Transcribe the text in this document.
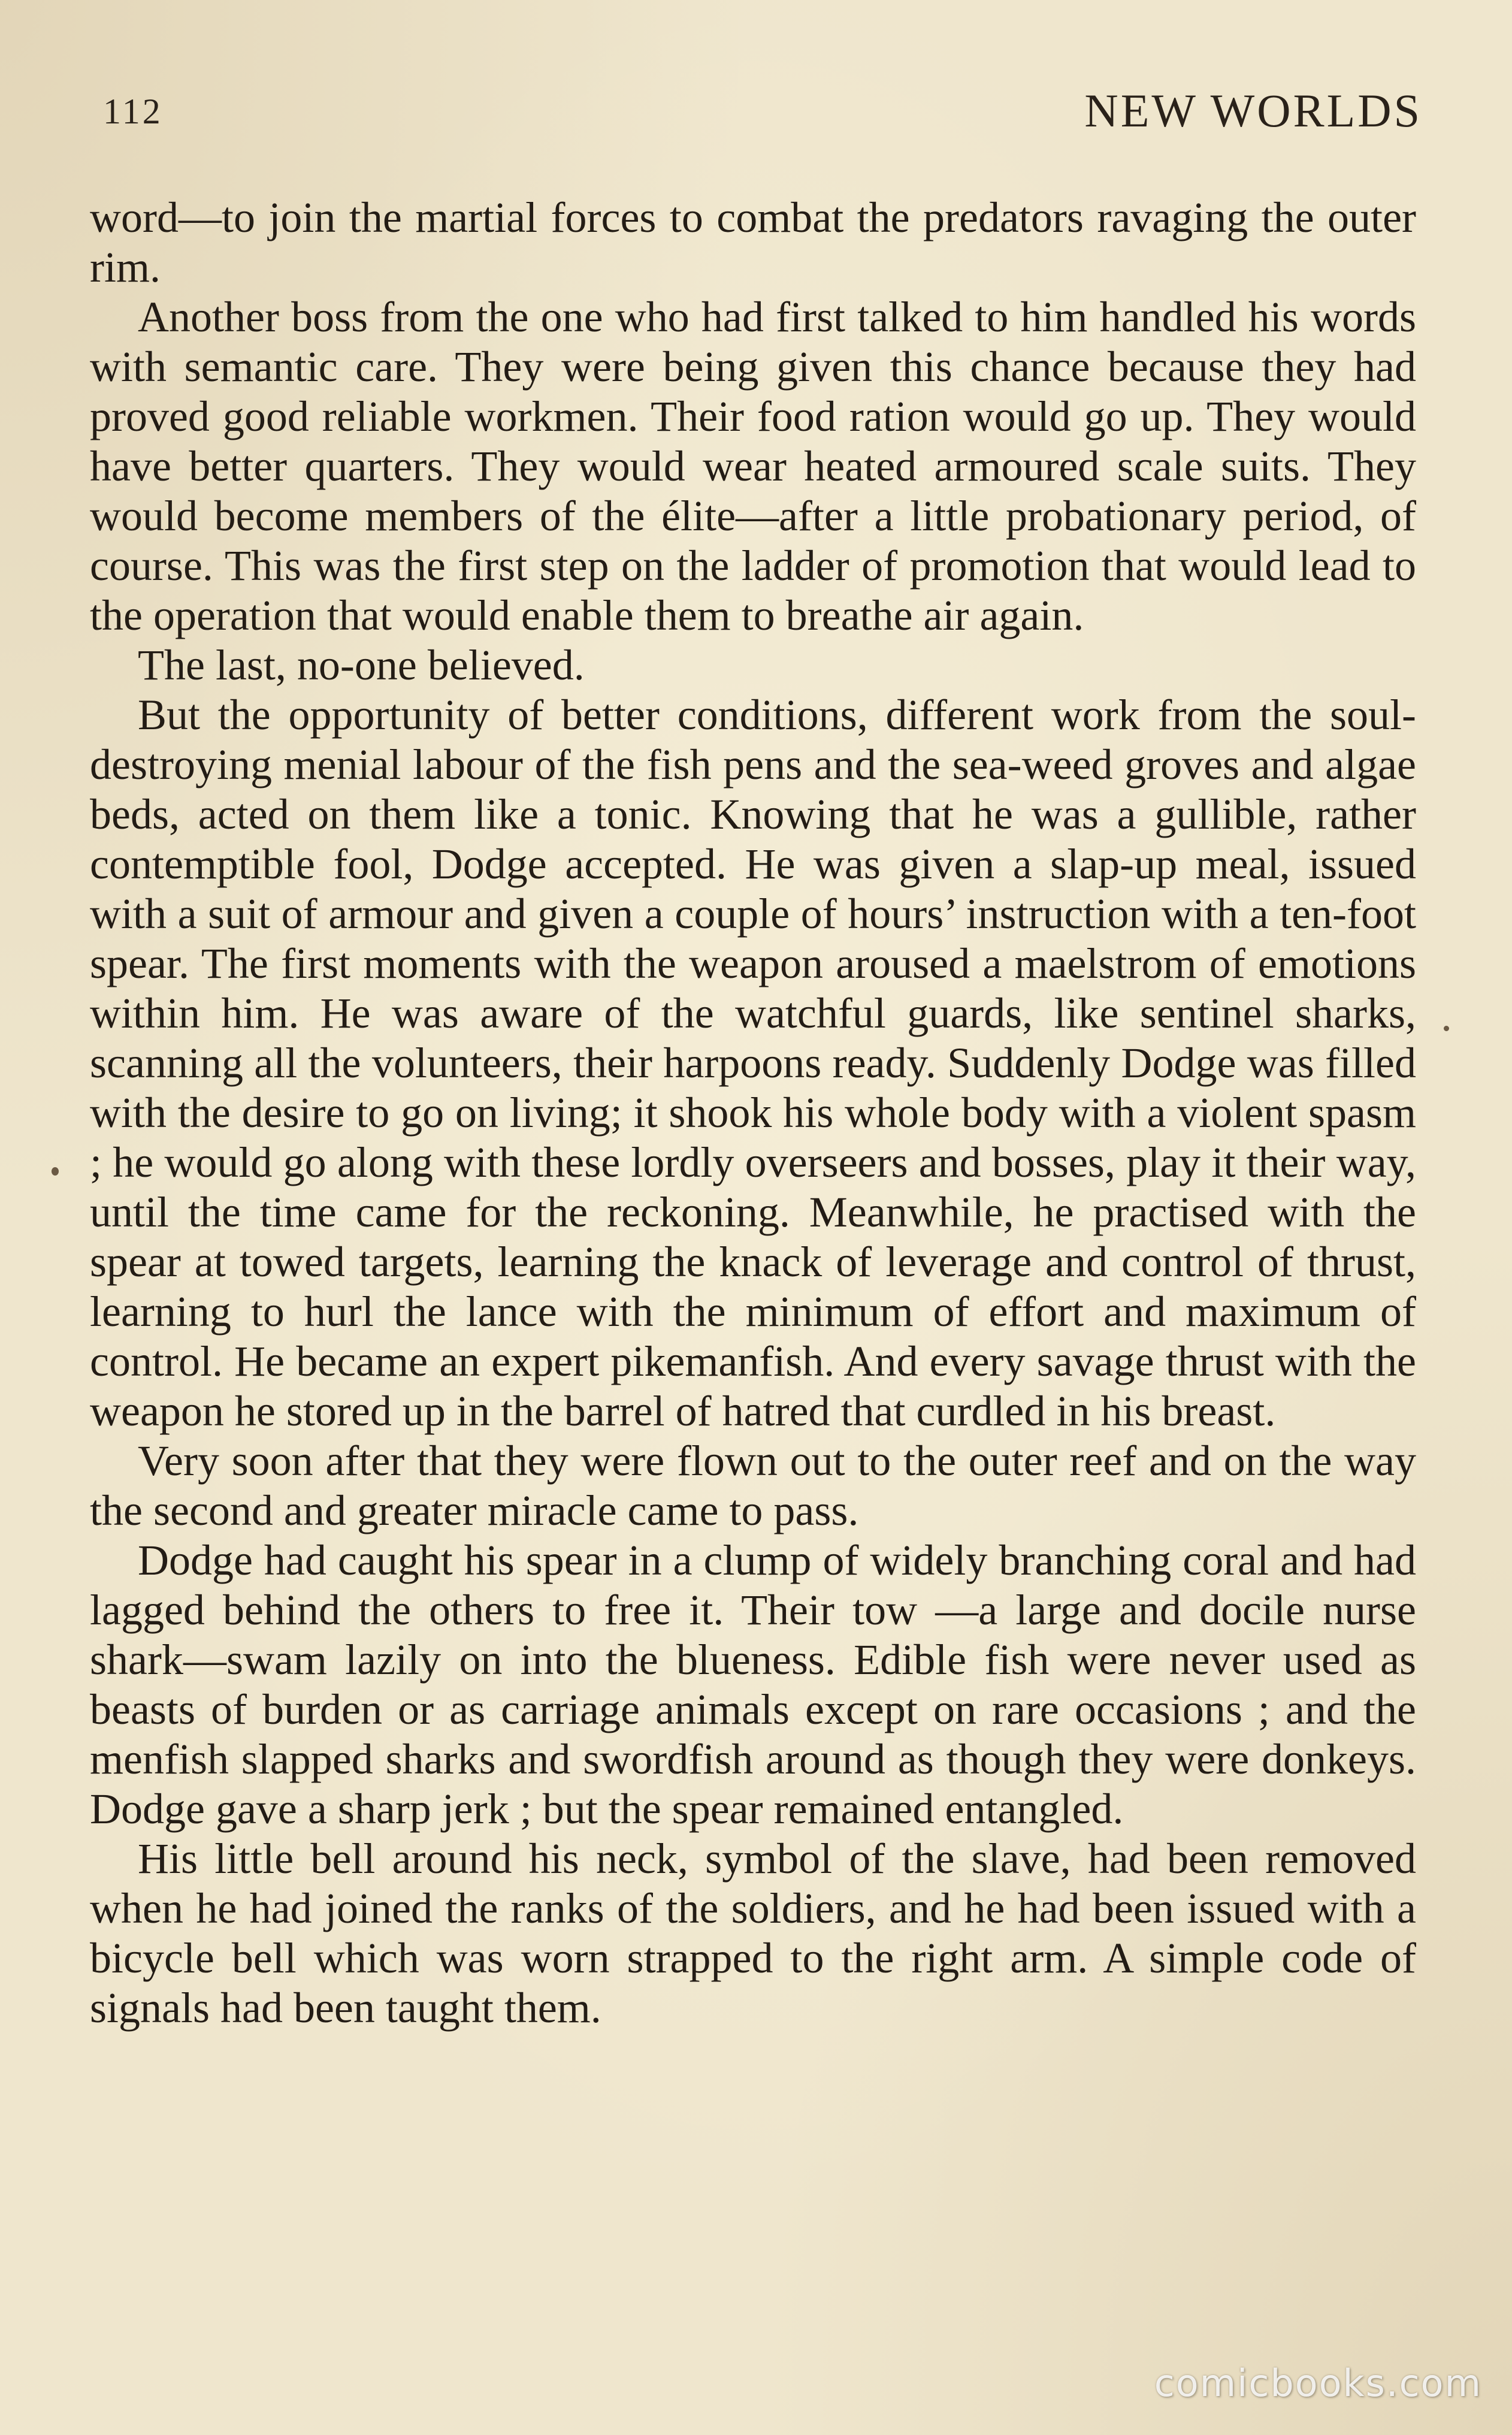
112	NEW WORLDS

word—to join the martial forces to combat the predators ravaging the outer rim.

Another boss from the one who had first talked to him handled his words with semantic care. They were being given this chance because they had proved good reliable workmen. Their food ration would go up. They would have better quarters. They would wear heated armoured scale suits. They would become members of the élite—after a little probationary period, of course. This was the first step on the ladder of promotion that would lead to the operation that would enable them to breathe air again.

The last, no-one believed.

But the opportunity of better conditions, different work from the soul-destroying menial labour of the fish pens and the sea-weed groves and algae beds, acted on them like a tonic. Knowing that he was a gullible, rather contemptible fool, Dodge accepted. He was given a slap-up meal, issued with a suit of armour and given a couple of hours’ instruction with a ten-foot spear. The first moments with the weapon aroused a maelstrom of emotions within him. He was aware of the watchful guards, like sentinel sharks, scanning all the volunteers, their harpoons ready. Suddenly Dodge was filled with the desire to go on living; it shook his whole body with a violent spasm ; he would go along with these lordly overseers and bosses, play it their way, until the time came for the reckoning. Meanwhile, he practised with the spear at towed targets, learning the knack of leverage and control of thrust, learning to hurl the lance with the minimum of effort and maximum of control. He became an expert pikemanfish. And every savage thrust with the weapon he stored up in the barrel of hatred that curdled in his breast.

Very soon after that they were flown out to the outer reef and on the way the second and greater miracle came to pass.

Dodge had caught his spear in a clump of widely branching coral and had lagged behind the others to free it. Their tow —a large and docile nurse shark—swam lazily on into the blueness. Edible fish were never used as beasts of burden or as carriage animals except on rare occasions ; and the menfish slapped sharks and swordfish around as though they were donkeys. Dodge gave a sharp jerk ; but the spear remained entangled.

His little bell around his neck, symbol of the slave, had been removed when he had joined the ranks of the soldiers, and he had been issued with a bicycle bell which was worn strapped to the right arm. A simple code of signals had been taught them.

comicbooks.com
